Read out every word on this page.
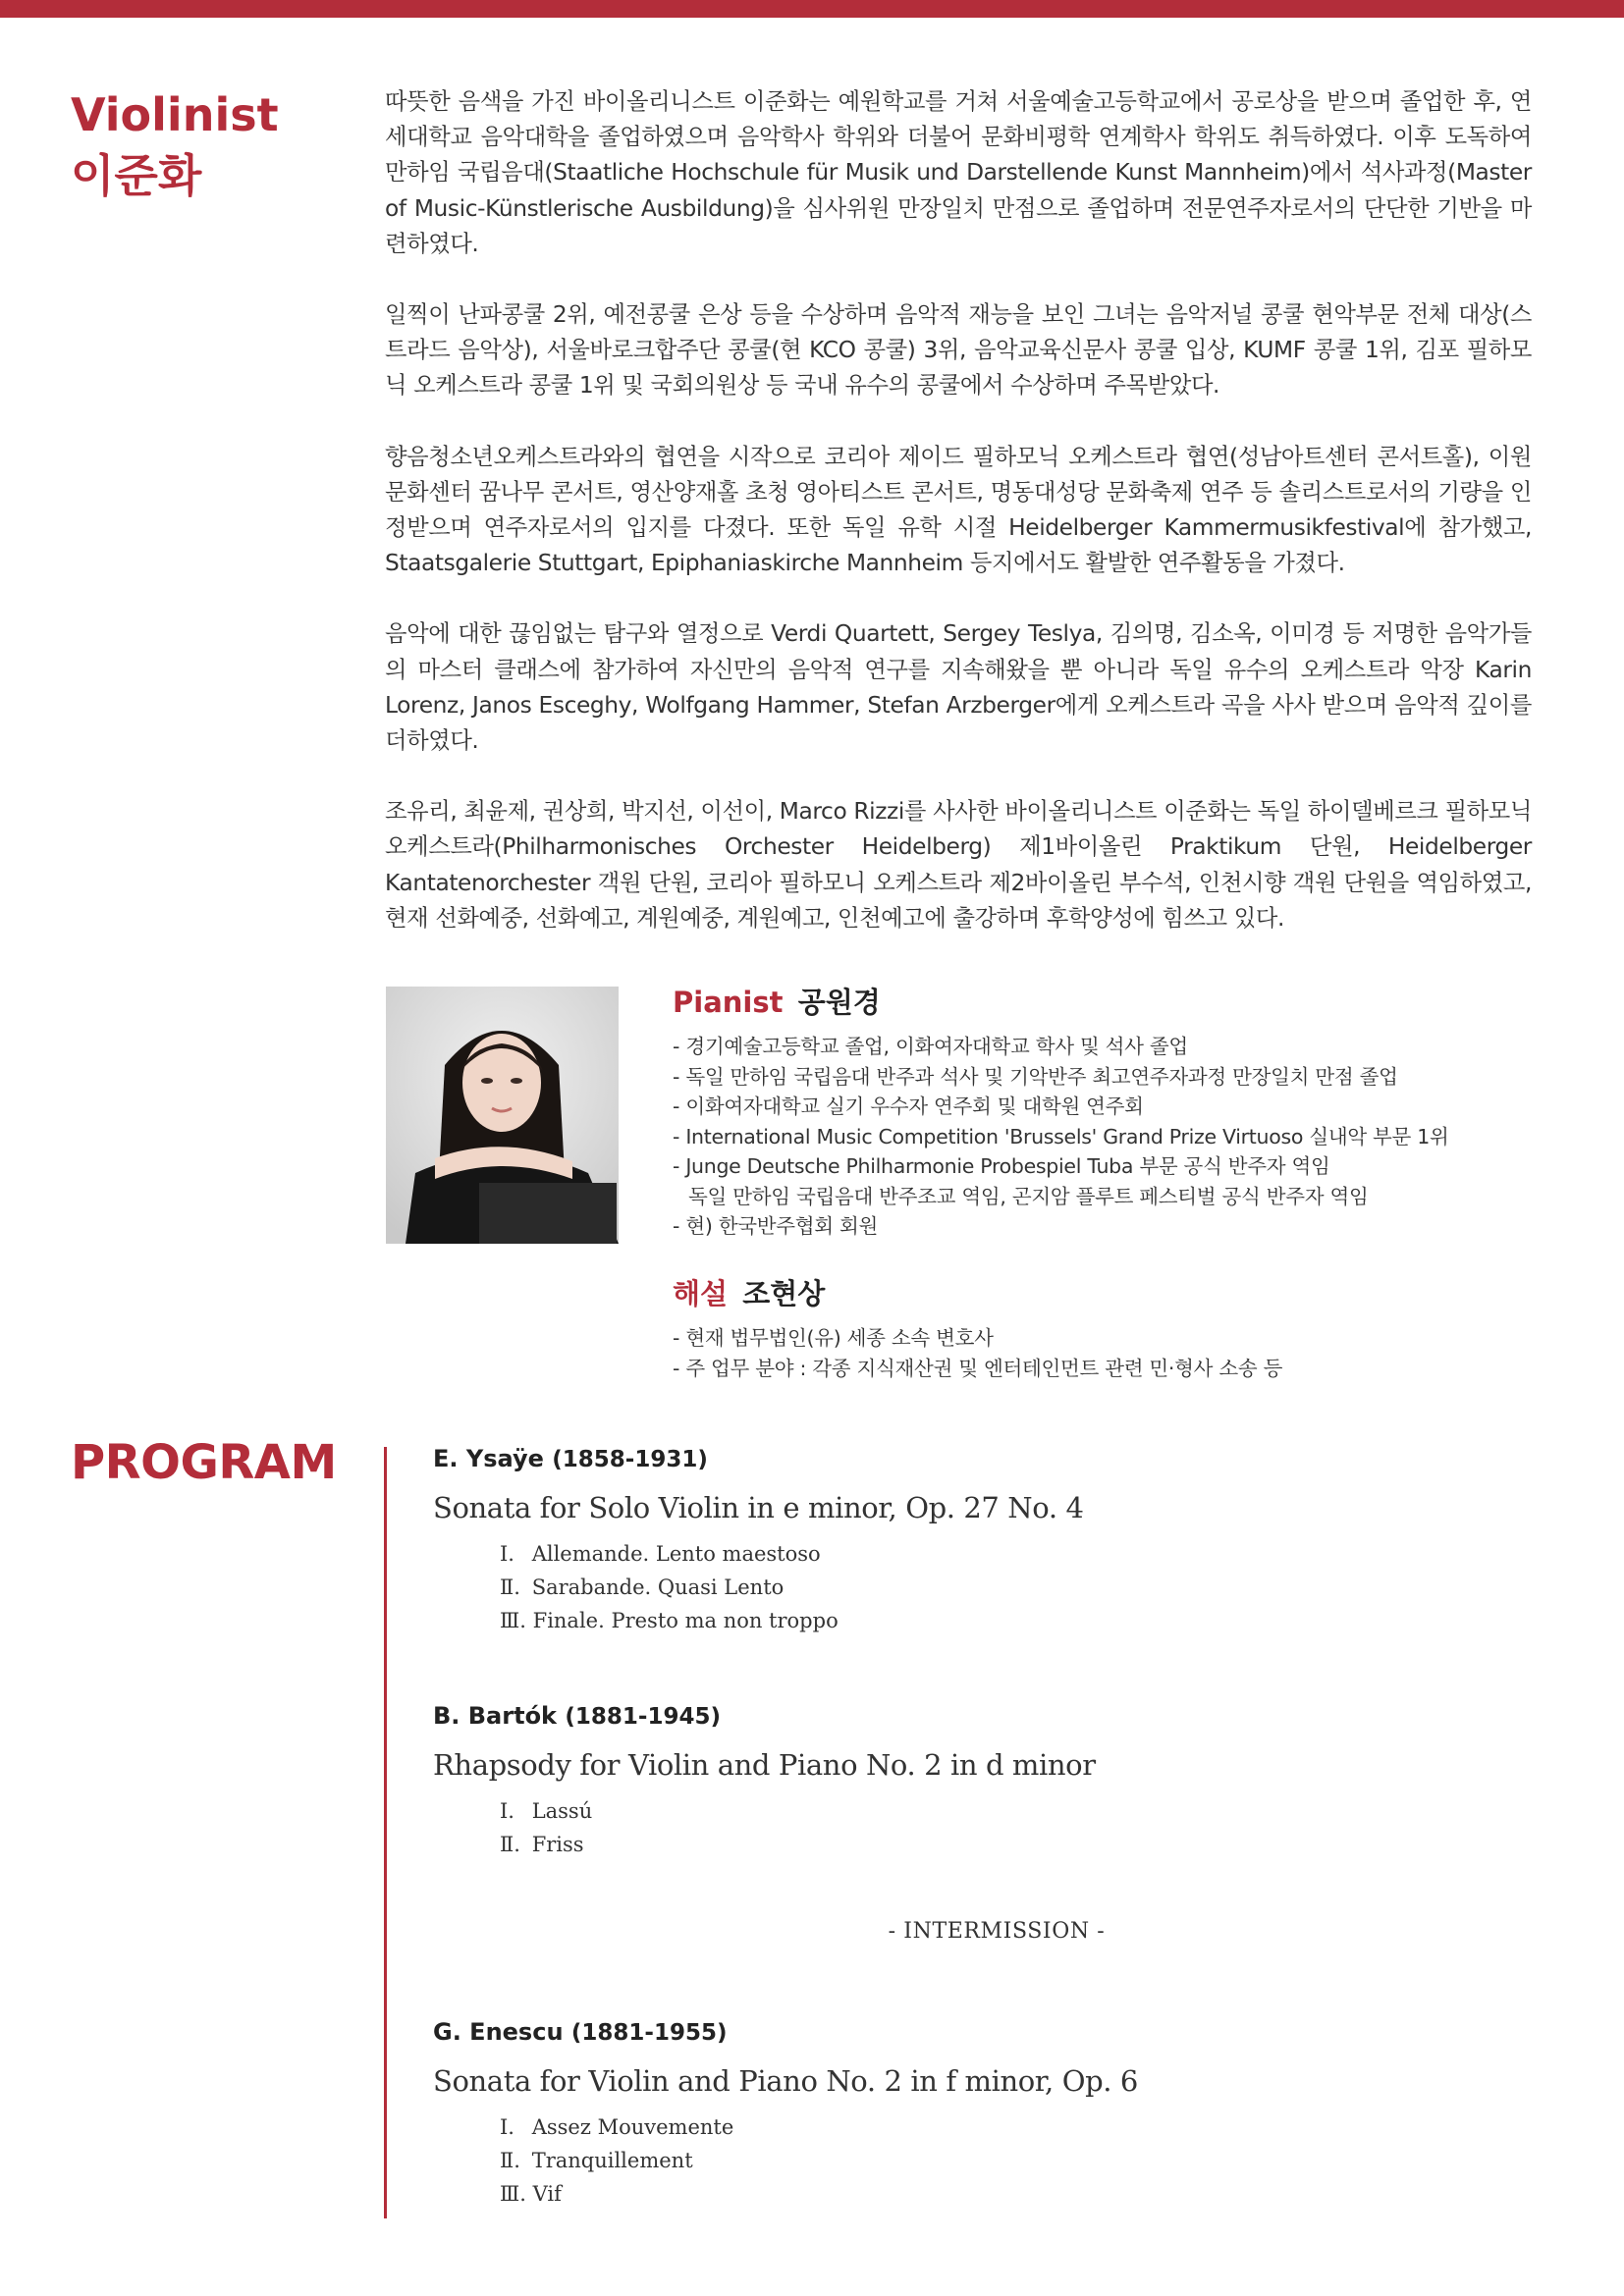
Violinist
이준화

따뜻한 음색을 가진 바이올리니스트 이준화는 예원학교를 거쳐 서울예술고등학교에서 공로상을 받으며 졸업한 후, 연세대학교 음악대학을 졸업하였으며 음악학사 학위와 더불어 문화비평학 연계학사 학위도 취득하였다. 이후 도독하여 만하임 국립음대(Staatliche Hochschule für Musik und Darstellende Kunst Mannheim)에서 석사과정(Master of Music-Künstlerische Ausbildung)을 심사위원 만장일치 만점으로 졸업하며 전문연주자로서의 단단한 기반을 마련하였다.

일찍이 난파콩쿨 2위, 예전콩쿨 은상 등을 수상하며 음악적 재능을 보인 그녀는 음악저널 콩쿨 현악부문 전체 대상(스트라드 음악상), 서울바로크합주단 콩쿨(현 KCO 콩쿨) 3위, 음악교육신문사 콩쿨 입상, KUMF 콩쿨 1위, 김포 필하모닉 오케스트라 콩쿨 1위 및 국회의원상 등 국내 유수의 콩쿨에서 수상하며 주목받았다.

향음청소년오케스트라와의 협연을 시작으로 코리아 제이드 필하모닉 오케스트라 협연(성남아트센터 콘서트홀), 이원문화센터 꿈나무 콘서트, 영산양재홀 초청 영아티스트 콘서트, 명동대성당 문화축제 연주 등 솔리스트로서의 기량을 인정받으며 연주자로서의 입지를 다졌다. 또한 독일 유학 시절 Heidelberger Kammermusikfestival에 참가했고, Staatsgalerie Stuttgart, Epiphaniaskirche Mannheim 등지에서도 활발한 연주활동을 가졌다.

음악에 대한 끊임없는 탐구와 열정으로 Verdi Quartett, Sergey Teslya, 김의명, 김소옥, 이미경 등 저명한 음악가들의 마스터 클래스에 참가하여 자신만의 음악적 연구를 지속해왔을 뿐 아니라 독일 유수의 오케스트라 악장 Karin Lorenz, Janos Esceghy, Wolfgang Hammer, Stefan Arzberger에게 오케스트라 곡을 사사 받으며 음악적 깊이를 더하였다.

조유리, 최윤제, 권상희, 박지선, 이선이, Marco Rizzi를 사사한 바이올리니스트 이준화는 독일 하이델베르크 필하모닉 오케스트라(Philharmonisches Orchester Heidelberg) 제1바이올린 Praktikum 단원, Heidelberger Kantatenorchester 객원 단원, 코리아 필하모니 오케스트라 제2바이올린 부수석, 인천시향 객원 단원을 역임하였고, 현재 선화예중, 선화예고, 계원예중, 계원예고, 인천예고에 출강하며 후학양성에 힘쓰고 있다.

Pianist 공원경
- 경기예술고등학교 졸업, 이화여자대학교 학사 및 석사 졸업
- 독일 만하임 국립음대 반주과 석사 및 기악반주 최고연주자과정 만장일치 만점 졸업
- 이화여자대학교 실기 우수자 연주회 및 대학원 연주회
- International Music Competition 'Brussels' Grand Prize Virtuoso 실내악 부문 1위
- Junge Deutsche Philharmonie Probespiel Tuba 부문 공식 반주자 역임
독일 만하임 국립음대 반주조교 역임, 곤지암 플루트 페스티벌 공식 반주자 역임
- 현) 한국반주협회 회원
해설 조현상
- 현재 법무법인(유) 세종 소속 변호사
- 주 업무 분야 : 각종 지식재산권 및 엔터테인먼트 관련 민·형사 소송 등
PROGRAM	E. Ysaÿe (1858-1931)
Sonata for Solo Violin in e minor, Op. 27 No. 4
Ⅰ. Allemande. Lento maestoso
Ⅱ. Sarabande. Quasi Lento
Ⅲ. Finale. Presto ma non troppo
B. Bartók (1881-1945)
Rhapsody for Violin and Piano No. 2 in d minor
Ⅰ. Lassú
Ⅱ. Friss
- INTERMISSION -
G. Enescu (1881-1955)
Sonata for Violin and Piano No. 2 in f minor, Op. 6
Ⅰ. Assez Mouvemente
Ⅱ. Tranquillement
Ⅲ. Vif
